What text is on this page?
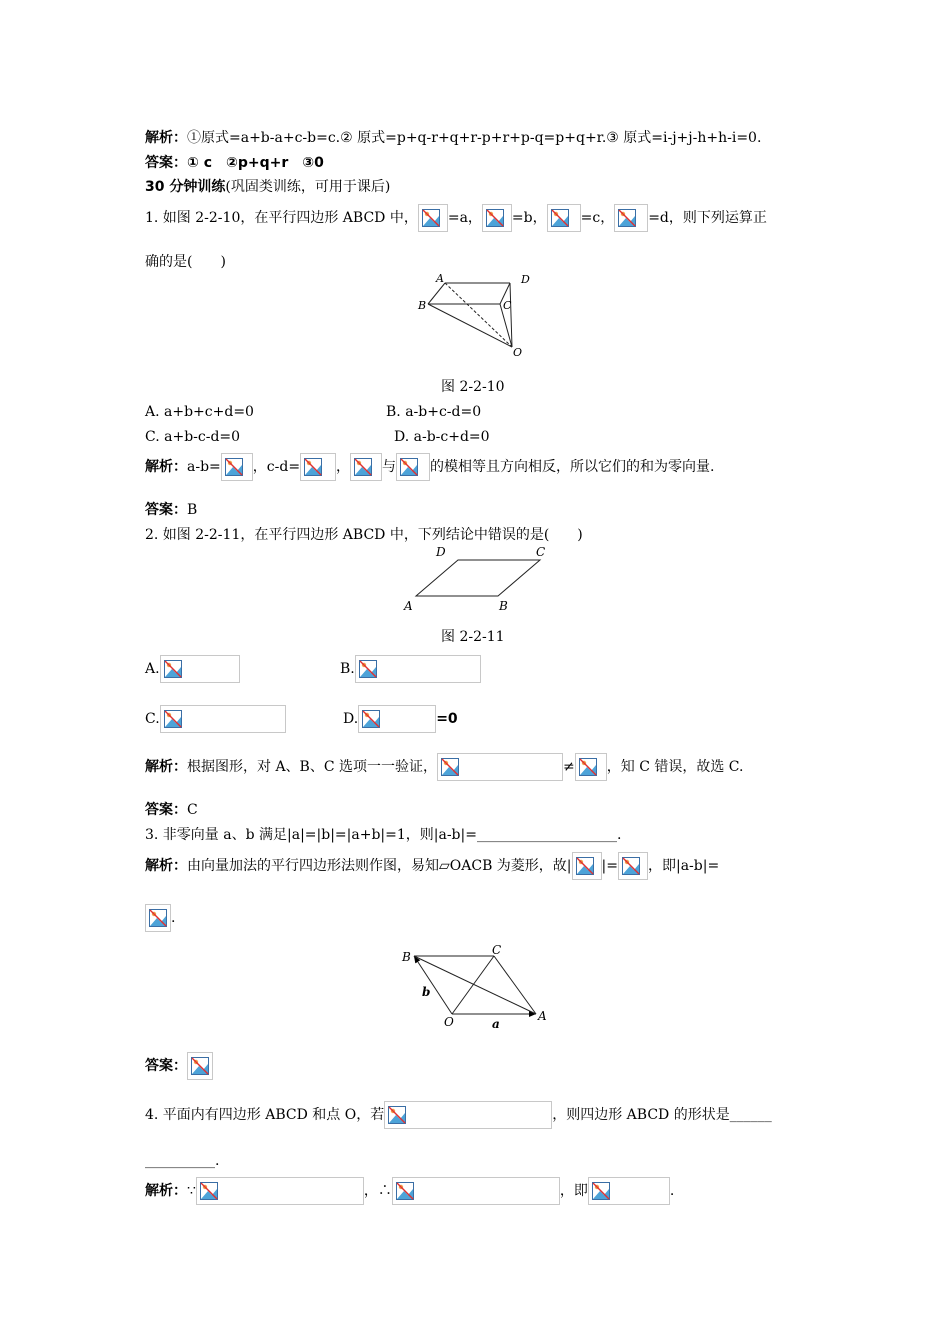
解析：①原式=a+b-a+c-b=c.② 原式=p+q-r+q+r-p+r+p-q=p+q+r.③ 原式=i-j+j-h+h-i=0.
答案：① c　②p+q+r　③0
30 分钟训练(巩固类训练，可用于课后)
1. 如图 2-2-10，在平行四边形 ABCD 中， =a， =b， =c， =d，则下列运算正
确的是(　　)
A
B	C
D
O
图 2-2-10
A. a+b+c+d=0	B. a-b+c-d=0
C. a+b-c-d=0	D. a-b-c+d=0
解析：a-b= ，c-d=	， 与 的模相等且方向相反，所以它们的和为零向量.
答案：B
2. 如图 2-2-11，在平行四边形 ABCD 中，下列结论中错误的是(　　)
A	B
C
D
图 2-2-11
A.	B.
C.	D.	=0
解析：根据图形，对 A、B、C 选项一一验证，	≠ ，知 C 错误，故选 C.
答案：C
3. 非零向量 a、b 满足|a|=|b|=|a+b|=1，则|a-b|=____________________.
解析：由向量加法的平行四边形法则作图，易知▱OACB 为菱形，故| |= ，即|a-b|=
.
B	C
O	A
a
b
答案：
4. 平面内有四边形 ABCD 和点 O，若	，则四边形 ABCD 的形状是______
__________.
解析：∵	，∴	，即	.
